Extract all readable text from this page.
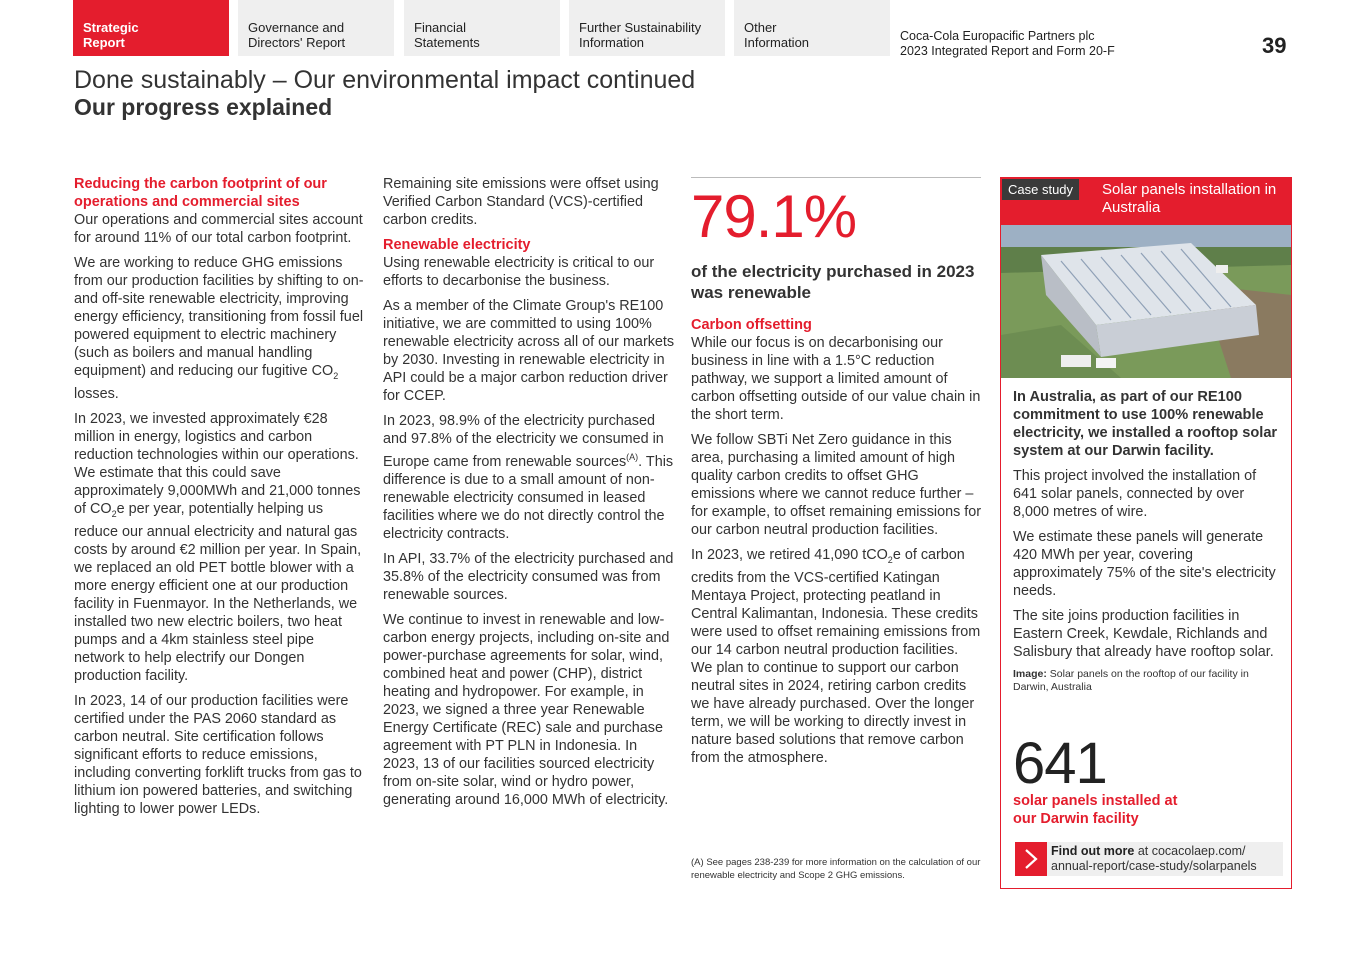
Strategic
Report
Governance and
Directors' Report
Financial
Statements
Further Sustainability
Information
Other
Information	Coca-Cola Europacific Partners plc
2023 Integrated Report and Form 20-F	39
Done sustainably – Our environmental impact continued
Our progress explained
Reducing the carbon footprint of our operations and commercial sites

Our operations and commercial sites account for around 11% of our total carbon footprint.

We are working to reduce GHG emissions from our production facilities by shifting to on- and off-site renewable electricity, improving energy efficiency, transitioning from fossil fuel powered equipment to electric machinery (such as boilers and manual handling equipment) and reducing our fugitive $CO_2$ losses.

In 2023, we invested approximately €28 million in energy, logistics and carbon reduction technologies within our operations. We estimate that this could save approximately 9,000MWh and 21,000 tonnes of $CO_2e$ per year, potentially helping us reduce our annual electricity and natural gas costs by around €2 million per year. In Spain, we replaced an old PET bottle blower with a more energy efficient one at our production facility in Fuenmayor. In the Netherlands, we installed two new electric boilers, two heat pumps and a 4km stainless steel pipe network to help electrify our Dongen production facility.

In 2023, 14 of our production facilities were certified under the PAS 2060 standard as carbon neutral. Site certification follows significant efforts to reduce emissions, including converting forklift trucks from gas to lithium ion powered batteries, and switching lighting to lower power LEDs.

Remaining site emissions were offset using Verified Carbon Standard (VCS)-certified carbon credits.

Renewable electricity

Using renewable electricity is critical to our efforts to decarbonise the business.

As a member of the Climate Group's RE100 initiative, we are committed to using 100% renewable electricity across all of our markets by 2030. Investing in renewable electricity in API could be a major carbon reduction driver for CCEP.

In 2023, 98.9% of the electricity purchased and 97.8% of the electricity we consumed in Europe came from renewable sources$^{(A)}$. This difference is due to a small amount of non-renewable electricity consumed in leased facilities where we do not directly control the electricity contracts.

In API, 33.7% of the electricity purchased and 35.8% of the electricity consumed was from renewable sources.

We continue to invest in renewable and low-carbon energy projects, including on-site and power-purchase agreements for solar, wind, combined heat and power (CHP), district heating and hydropower. For example, in 2023, we signed a three year Renewable Energy Certificate (REC) sale and purchase agreement with PT PLN in Indonesia. In 2023, 13 of our facilities sourced electricity from on-site solar, wind or hydro power, generating around 16,000 MWh of electricity.

79.1%
of the electricity purchased in 2023 was renewable
Carbon offsetting

While our focus is on decarbonising our business in line with a 1.5°C reduction pathway, we support a limited amount of carbon offsetting outside of our value chain in the short term.

We follow SBTi Net Zero guidance in this area, purchasing a limited amount of high quality carbon credits to offset GHG emissions where we cannot reduce further – for example, to offset remaining emissions for our carbon neutral production facilities.

In 2023, we retired 41,090 tCO$_2$e of carbon credits from the VCS-certified Katingan Mentaya Project, protecting peatland in Central Kalimantan, Indonesia. These credits were used to offset remaining emissions from our 14 carbon neutral production facilities. We plan to continue to support our carbon neutral sites in 2024, retiring carbon credits we have already purchased. Over the longer term, we will be working to directly invest in nature based solutions that remove carbon from the atmosphere.

(A) See pages 238-239 for more information on the calculation of our renewable electricity and Scope 2 GHG emissions.
Case study	Solar panels installation in Australia

In Australia, as part of our RE100 commitment to use 100% renewable electricity, we installed a rooftop solar system at our Darwin facility.

This project involved the installation of 641 solar panels, connected by over 8,000 metres of wire.

We estimate these panels will generate 420 MWh per year, covering approximately 75% of the site's electricity needs.

The site joins production facilities in Eastern Creek, Kewdale, Richlands and Salisbury that already have rooftop solar.

Image: Solar panels on the rooftop of our facility in Darwin, Australia

641
solar panels installed at our Darwin facility
Find out more at cocacolaep.com/ annual-report/case-study/solarpanels
